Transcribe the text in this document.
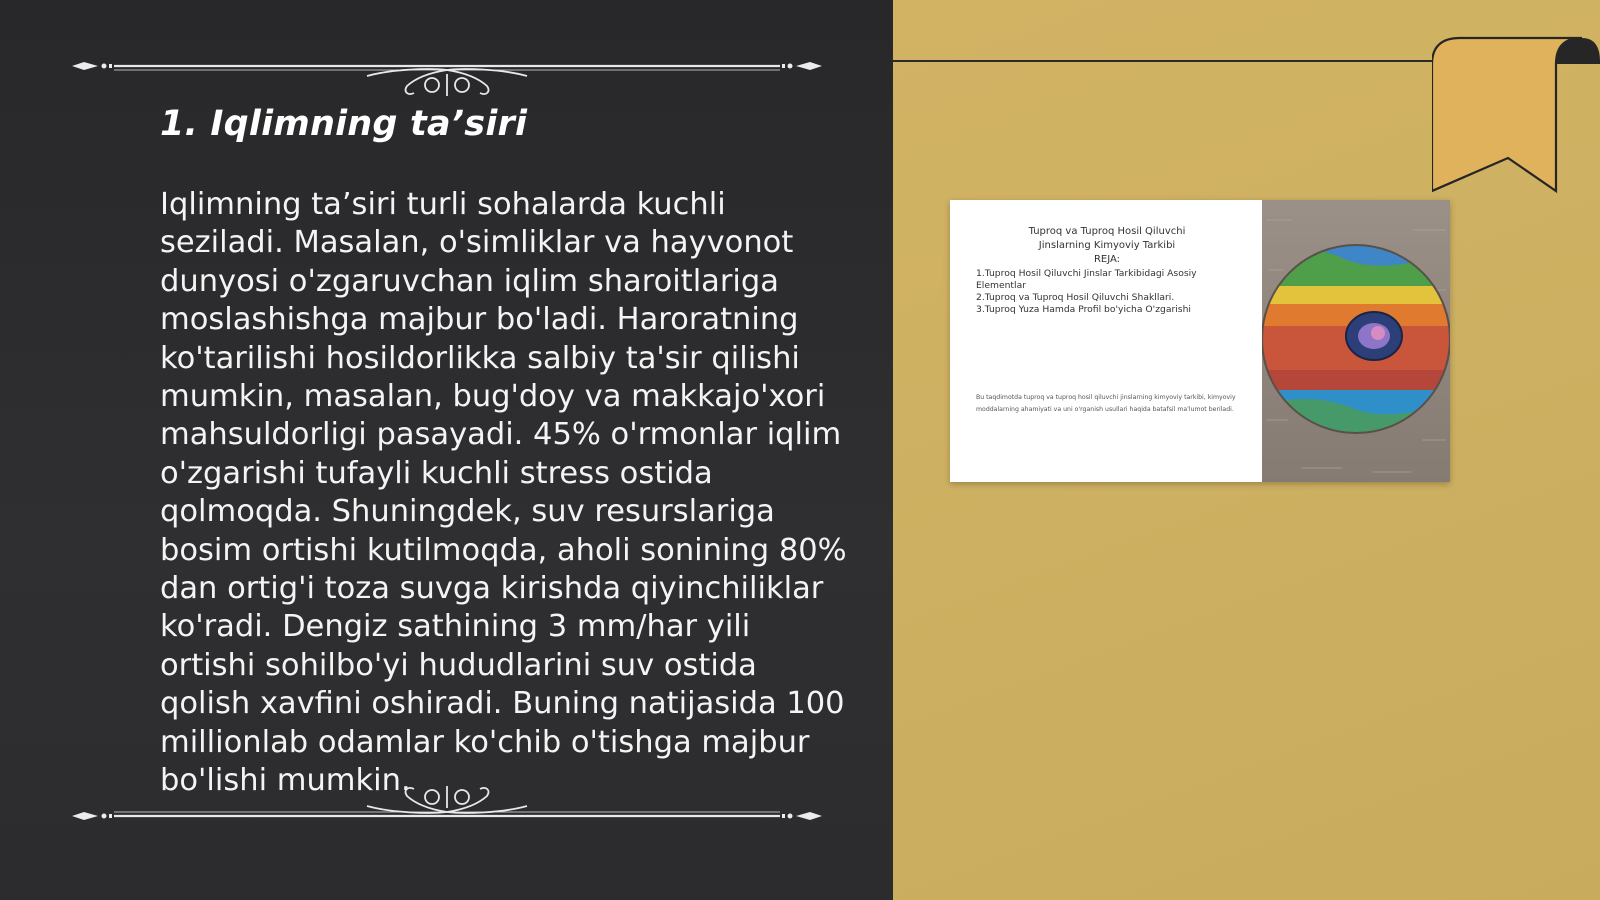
1. Iqlimning ta’siri

Iqlimning ta’siri turli sohalarda kuchli seziladi. Masalan, o'simliklar va hayvonot dunyosi o'zgaruvchan iqlim sharoitlariga moslashishga majbur bo'ladi. Haroratning ko'tarilishi hosildorlikka salbiy ta'sir qilishi mumkin, masalan, bug'doy va makkajo'xori mahsuldorligi pasayadi. 45% o'rmonlar iqlim o'zgarishi tufayli kuchli stress ostida qolmoqda. Shuningdek, suv resurslariga bosim ortishi kutilmoqda, aholi sonining 80% dan ortig'i toza suvga kirishda qiyinchiliklar ko'radi. Dengiz sathining 3 mm/har yili ortishi sohilbo'yi hududlarini suv ostida qolish xavfini oshiradi. Buning natijasida 100 millionlab odamlar ko'chib o'tishga majbur bo'lishi mumkin.

Tuproq va Tuproq Hosil Qiluvchi

Jinslarning Kimyoviy Tarkibi

REJA:

1.Tuproq Hosil Qiluvchi Jinslar Tarkibidagi Asosiy Elementlar

2.Tuproq va Tuproq Hosil Qiluvchi Shakllari.

3.Tuproq Yuza Hamda Profil bo'yicha O'zgarishi

Bu taqdimotda tuproq va tuproq hosil qiluvchi jinslarning kimyoviy tarkibi, kimyoviy moddalarning ahamiyati va uni o'rganish usullari haqida batafsil ma'lumot beriladi.
